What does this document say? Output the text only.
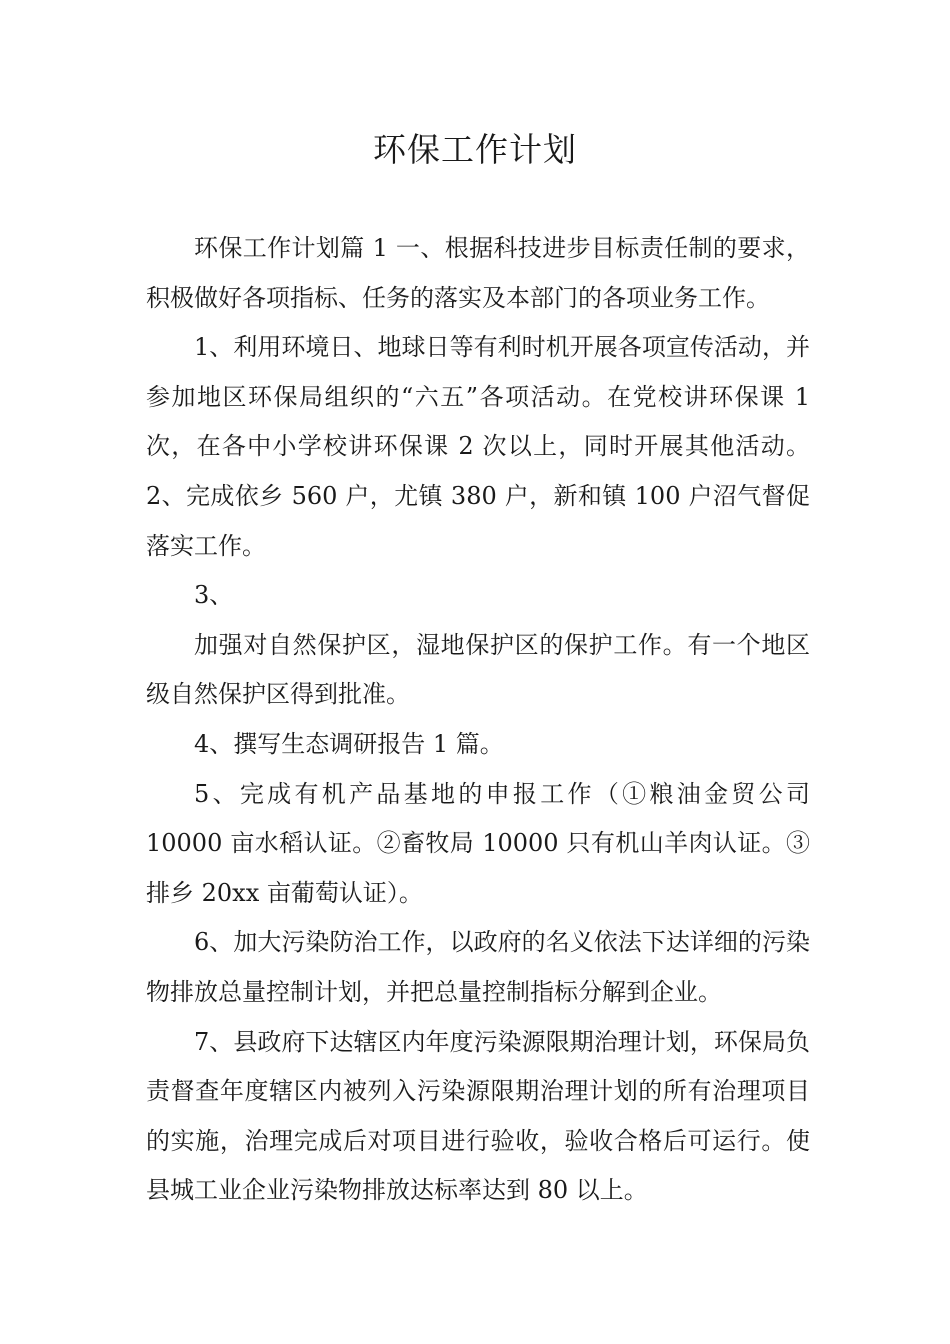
环保工作计划

环保工作计划篇 1 一、根据科技进步目标责任制的要求，积极做好各项指标、任务的落实及本部门的各项业务工作。

1、利用环境日、地球日等有利时机开展各项宣传活动，并参加地区环保局组织的“六五”各项活动。在党校讲环保课 1 次，在各中小学校讲环保课 2 次以上，同时开展其他活动。2、完成依乡 560 户，尤镇 380 户，新和镇 100 户沼气督促落实工作。

3、

加强对自然保护区，湿地保护区的保护工作。有一个地区级自然保护区得到批准。

4、撰写生态调研报告 1 篇。

5、完成有机产品基地的申报工作（①粮油金贸公司 10000 亩水稻认证。②畜牧局 10000 只有机山羊肉认证。③排乡 20xx 亩葡萄认证）。

6、加大污染防治工作，以政府的名义依法下达详细的污染物排放总量控制计划，并把总量控制指标分解到企业。

7、县政府下达辖区内年度污染源限期治理计划，环保局负责督查年度辖区内被列入污染源限期治理计划的所有治理项目的实施，治理完成后对项目进行验收，验收合格后可运行。使县城工业企业污染物排放达标率达到 80 以上。
